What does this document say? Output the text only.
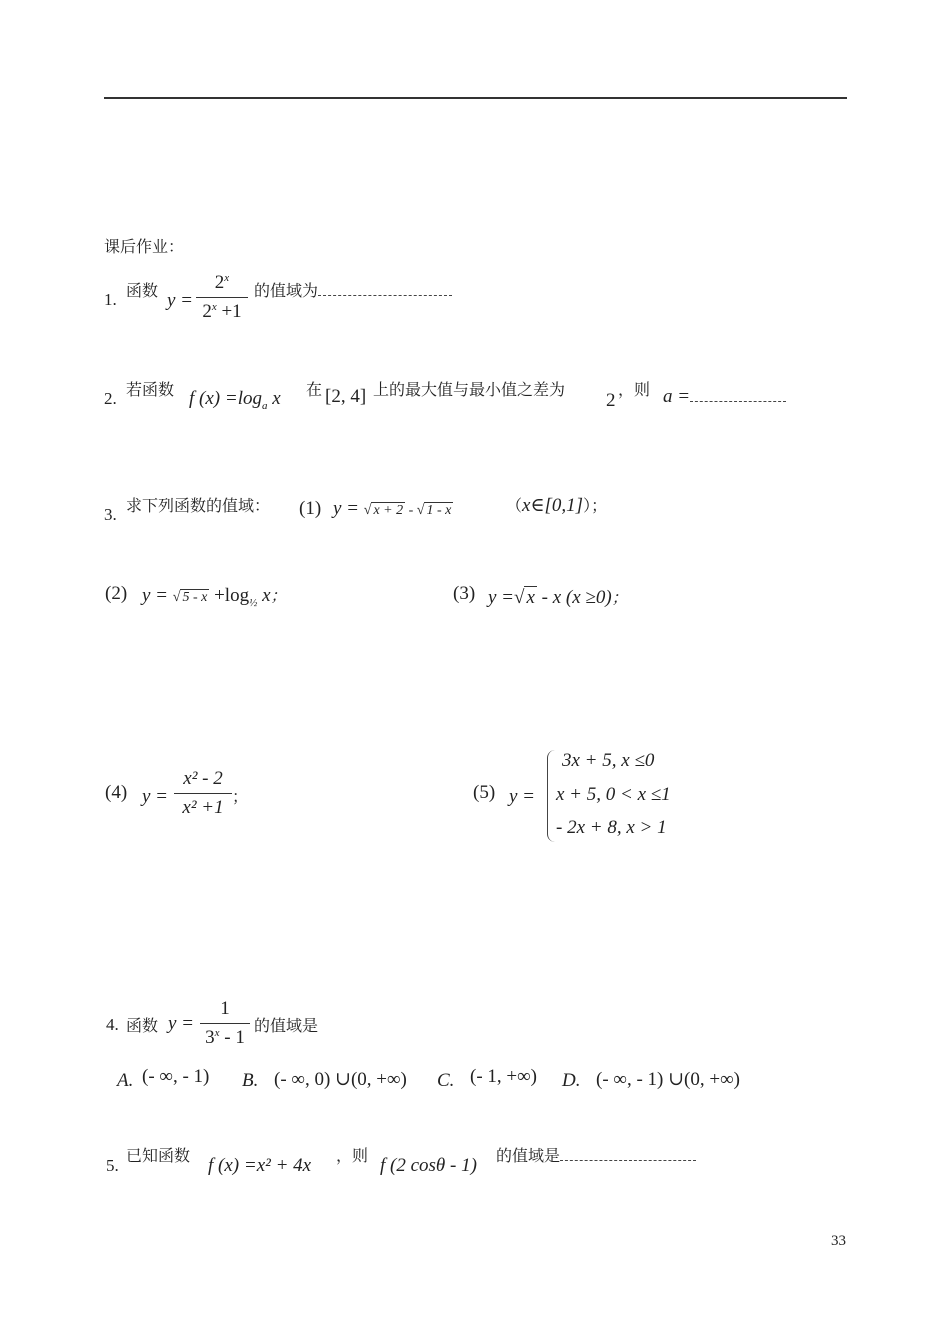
课后作业：
1. 函数 y =
$2^x$
$2^x +1$
的值域为
2. 若函数 f $(x) =\log_a$ x 在 [2, 4] 上的最大值与最小值之差为
2
，则 a =
3. 求下列函数的值域： (1) y = √ x + 2 - √ 1 - x	（x∈[0,1]）；
(2) y = √ $5 - x +\log_{\frac{1}{2}}$ x；	(3) y =√ x - x (x ≥0)；
(4) y =
x² - 2
x² +1
；	(5) y =
3x + 5, x ≤0
x + 5, 0 < x ≤1
- 2x + 8, x > 1
4. 函数 y =
1
3$^x$ - 1
的值域是
A. (- ∞, - 1) B. (- ∞, 0) ∪(0, +∞) C. (- 1, +∞) D. (- ∞, - 1) ∪(0, +∞)
5.
已知函数 f (x) =x² + 4x ，则 f (2 cosθ - 1) 的值域是
33
